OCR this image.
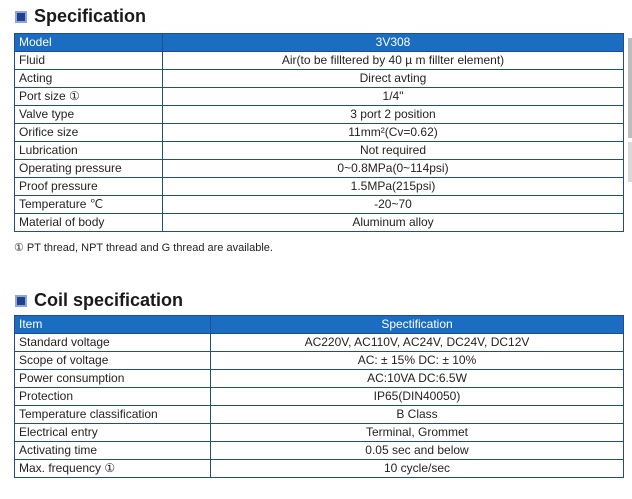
Specification
Model	3V308
Fluid	Air(to be filltered by 40 µ m fillter element)
Acting	Direct avting
Port size ①	1/4"
Valve type	3 port 2 position
Orifice size	11mm²(Cv=0.62)
Lubrication	Not required
Operating pressure	0~0.8MPa(0~114psi)
Proof pressure	1.5MPa(215psi)
Temperature ℃	-20~70
Material of body	Aluminum alloy
① PT thread, NPT thread and G thread are available.
Coil specification
Item	Spectification
Standard voltage	AC220V, AC110V, AC24V, DC24V, DC12V
Scope of voltage	AC: ± 15% DC: ± 10%
Power consumption	AC:10VA DC:6.5W
Protection	IP65(DIN40050)
Temperature classification	B Class
Electrical entry	Terminal, Grommet
Activating time	0.05 sec and below
Max. frequency ①	10 cycle/sec
